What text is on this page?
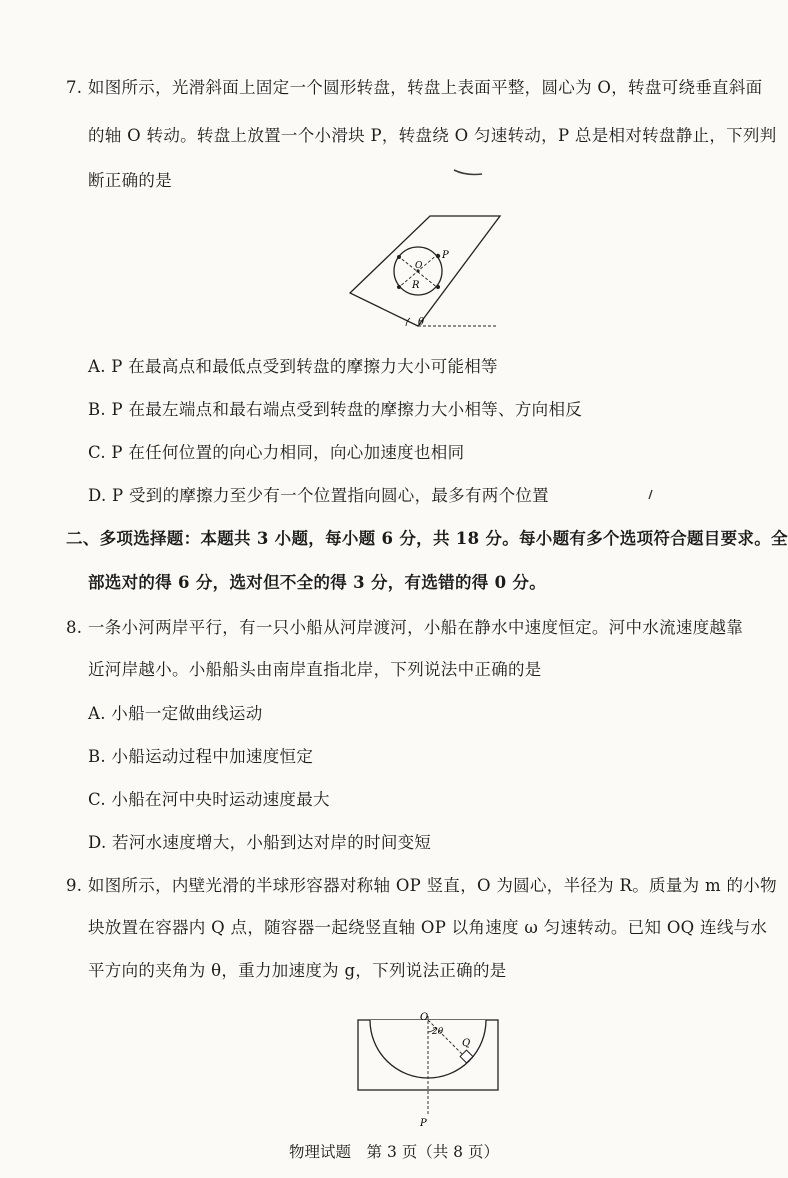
7. 如图所示，光滑斜面上固定一个圆形转盘，转盘上表面平整，圆心为 O，转盘可绕垂直斜面
的轴 O 转动。转盘上放置一个小滑块 P，转盘绕 O 匀速转动，P 总是相对转盘静止，下列判
断正确的是
O
P
R
θ
A. P 在最高点和最低点受到转盘的摩擦力大小可能相等
B. P 在最左端点和最右端点受到转盘的摩擦力大小相等、方向相反
C. P 在任何位置的向心力相同，向心加速度也相同
D. P 受到的摩擦力至少有一个位置指向圆心，最多有两个位置
二、多项选择题：本题共 3 小题，每小题 6 分，共 18 分。每小题有多个选项符合题目要求。全
部选对的得 6 分，选对但不全的得 3 分，有选错的得 0 分。
8. 一条小河两岸平行，有一只小船从河岸渡河，小船在静水中速度恒定。河中水流速度越靠
近河岸越小。小船船头由南岸直指北岸，下列说法中正确的是
A. 小船一定做曲线运动
B. 小船运动过程中加速度恒定
C. 小船在河中央时运动速度最大
D. 若河水速度增大，小船到达对岸的时间变短
9. 如图所示，内壁光滑的半球形容器对称轴 OP 竖直，O 为圆心，半径为 R。质量为 m 的小物
块放置在容器内 Q 点，随容器一起绕竖直轴 OP 以角速度 ω 匀速转动。已知 OQ 连线与水
平方向的夹角为 θ，重力加速度为 g，下列说法正确的是
O
2θ
Q
P
物理试题　第 3 页（共 8 页）
